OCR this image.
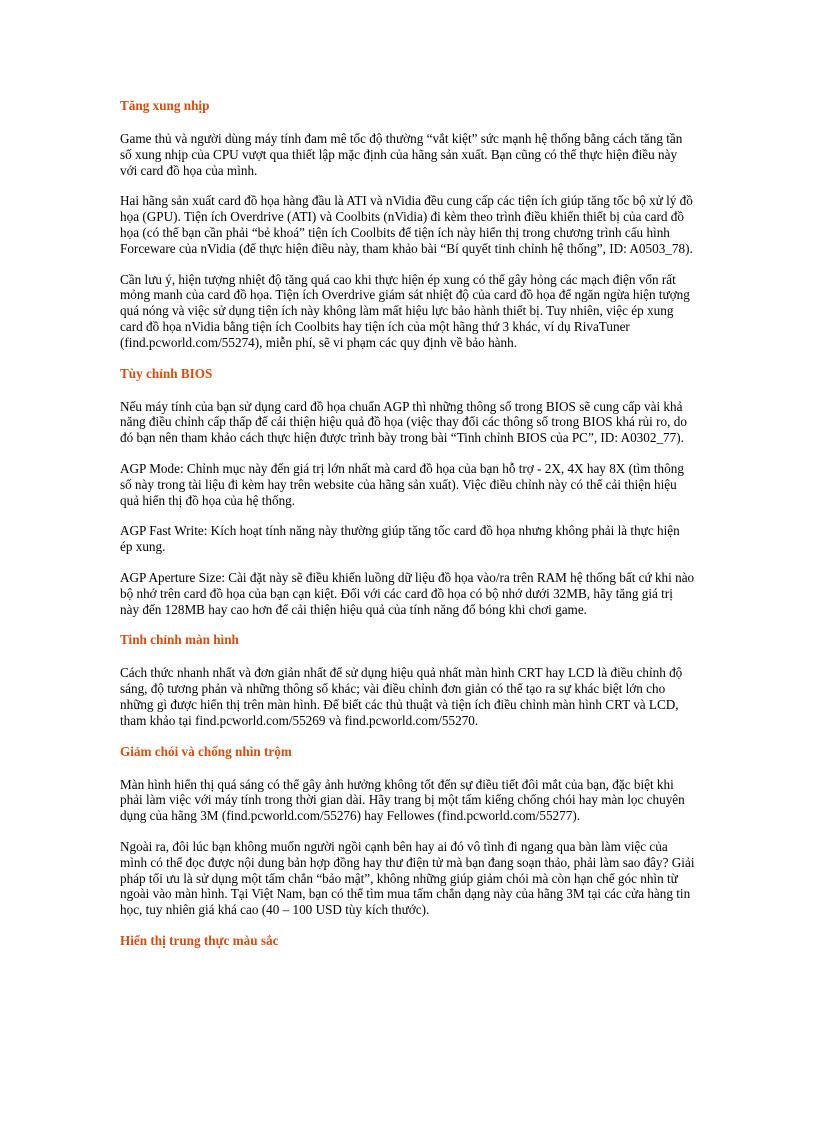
Tăng xung nhịp

Game thủ và người dùng máy tính đam mê tốc độ thường “vắt kiệt” sức mạnh hệ thống bằng cách tăng tần số xung nhịp của CPU vượt qua thiết lập mặc định của hãng sản xuất. Bạn cũng có thể thực hiện điều này với card đồ họa của mình.

Hai hãng sản xuất card đồ họa hàng đầu là ATI và nVidia đều cung cấp các tiện ích giúp tăng tốc bộ xử lý đồ họa (GPU). Tiện ích Overdrive (ATI) và Coolbits (nVidia) đi kèm theo trình điều khiển thiết bị của card đồ họa (có thể bạn cần phải “bẻ khoá” tiện ích Coolbits để tiện ích này hiển thị trong chương trình cấu hình Forceware của nVidia (để thực hiện điều này, tham khảo bài “Bí quyết tinh chỉnh hệ thống”, ID: A0503_78).

Cần lưu ý, hiện tượng nhiệt độ tăng quá cao khi thực hiện ép xung có thể gây hỏng các mạch điện vốn rất mỏng manh của card đồ họa. Tiện ích Overdrive giám sát nhiệt độ của card đồ họa để ngăn ngừa hiện tượng quá nóng và việc sử dụng tiện ích này không làm mất hiệu lực bảo hành thiết bị. Tuy nhiên, việc ép xung card đồ họa nVidia bằng tiện ích Coolbits hay tiện ích của một hãng thứ 3 khác, ví dụ RivaTuner (find.pcworld.com/55274), miễn phí, sẽ vi phạm các quy định về bảo hành.

Tùy chỉnh BIOS

Nếu máy tính của bạn sử dụng card đồ họa chuẩn AGP thì những thông số trong BIOS sẽ cung cấp vài khả năng điều chỉnh cấp thấp để cải thiện hiệu quả đồ họa (việc thay đổi các thông số trong BIOS khá rủi ro, do đó bạn nên tham khảo cách thực hiện được trình bày trong bài “Tinh chỉnh BIOS của PC”, ID: A0302_77).

AGP Mode: Chỉnh mục này đến giá trị lớn nhất mà card đồ họa của bạn hỗ trợ - 2X, 4X hay 8X (tìm thông số này trong tài liệu đi kèm hay trên website của hãng sản xuất). Việc điều chỉnh này có thể cải thiện hiệu quả hiển thị đồ họa của hệ thống.

AGP Fast Write: Kích hoạt tính năng này thường giúp tăng tốc card đồ họa nhưng không phải là thực hiện ép xung.

AGP Aperture Size: Cài đặt này sẽ điều khiển luồng dữ liệu đồ họa vào/ra trên RAM hệ thống bất cứ khi nào bộ nhớ trên card đồ họa của bạn cạn kiệt. Đối với các card đồ họa có bộ nhớ dưới 32MB, hãy tăng giá trị này đến 128MB hay cao hơn để cải thiện hiệu quả của tính năng đổ bóng khi chơi game.

Tinh chỉnh màn hình

Cách thức nhanh nhất và đơn giản nhất để sử dụng hiệu quả nhất màn hình CRT hay LCD là điều chỉnh độ sáng, độ tương phản và những thông số khác; vài điều chỉnh đơn giản có thể tạo ra sự khác biệt lớn cho những gì được hiển thị trên màn hình. Để biết các thủ thuật và tiện ích điều chỉnh màn hình CRT và LCD, tham khảo tại find.pcworld.com/55269 và find.pcworld.com/55270.

Giảm chói và chống nhìn trộm

Màn hình hiển thị quá sáng có thể gây ảnh hưởng không tốt đến sự điều tiết đôi mắt của bạn, đặc biệt khi phải làm việc với máy tính trong thời gian dài. Hãy trang bị một tấm kiếng chống chói hay màn lọc chuyên dụng của hãng 3M (find.pcworld.com/55276) hay Fellowes (find.pcworld.com/55277).

Ngoài ra, đôi lúc bạn không muốn người ngồi cạnh bên hay ai đó vô tình đi ngang qua bàn làm việc của mình có thể đọc được nội dung bản hợp đồng hay thư điện tử mà bạn đang soạn thảo, phải làm sao đây? Giải pháp tối ưu là sử dụng một tấm chắn “bảo mật”, không những giúp giảm chói mà còn hạn chế góc nhìn từ ngoài vào màn hình. Tại Việt Nam, bạn có thể tìm mua tấm chắn dạng này của hãng 3M tại các cửa hàng tin học, tuy nhiên giá khá cao (40 – 100 USD tùy kích thước).

Hiển thị trung thực màu sắc
